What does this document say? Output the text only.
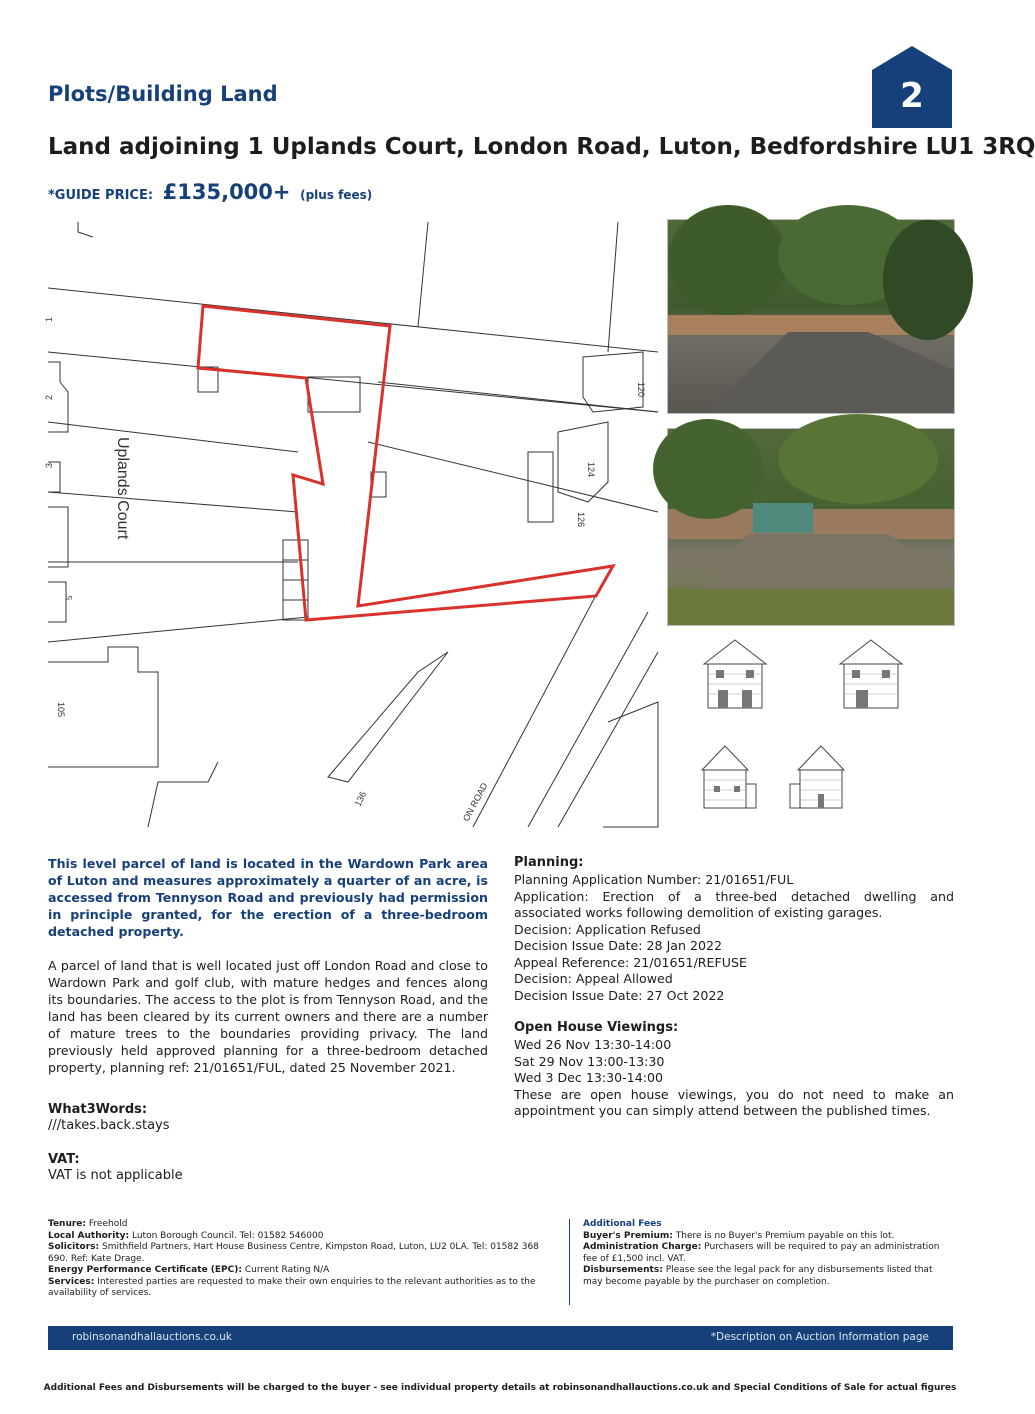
Plots/Building Land	2
Land adjoining 1 Uplands Court, London Road, Luton, Bedfordshire LU1 3RQ
*GUIDE PRICE: £135,000+ (plus fees)
Uplands Court
ON ROAD
1
2
3
5
105
120
124
126
136
This level parcel of land is located in the Wardown Park area of Luton and measures approximately a quarter of an acre, is accessed from Tennyson Road and previously had permission in principle granted, for the erection of a three-bedroom detached property.
A parcel of land that is well located just off London Road and close to Wardown Park and golf club, with mature hedges and fences along its boundaries. The access to the plot is from Tennyson Road, and the land has been cleared by its current owners and there are a number of mature trees to the boundaries providing privacy. The land previously held approved planning for a three-bedroom detached property, planning ref: 21/01651/FUL, dated 25 November 2021.
What3Words:
///takes.back.stays
VAT:
VAT is not applicable
Planning:
Planning Application Number: 21/01651/FUL
Application: Erection of a three-bed detached dwelling and associated works following demolition of existing garages.
Decision: Application Refused
Decision Issue Date: 28 Jan 2022
Appeal Reference: 21/01651/REFUSE
Decision: Appeal Allowed
Decision Issue Date: 27 Oct 2022
Open House Viewings:
Wed 26 Nov 13:30-14:00
Sat 29 Nov 13:00-13:30
Wed 3 Dec 13:30-14:00
These are open house viewings, you do not need to make an appointment you can simply attend between the published times.
Tenure: Freehold
Local Authority: Luton Borough Council. Tel: 01582 546000
Solicitors: Smithfield Partners, Hart House Business Centre, Kimpston Road, Luton, LU2 0LA. Tel: 01582 368 690. Ref: Kate Drage.
Energy Performance Certificate (EPC): Current Rating N/A
Services: Interested parties are requested to make their own enquiries to the relevant authorities as to the availability of services.
Additional Fees
Buyer's Premium: There is no Buyer's Premium payable on this lot.
Administration Charge: Purchasers will be required to pay an administration fee of £1,500 incl. VAT.
Disbursements: Please see the legal pack for any disbursements listed that may become payable by the purchaser on completion.
robinsonandhallauctions.co.uk	*Description on Auction Information page
Additional Fees and Disbursements will be charged to the buyer - see individual property details at robinsonandhallauctions.co.uk and Special Conditions of Sale for actual figures
